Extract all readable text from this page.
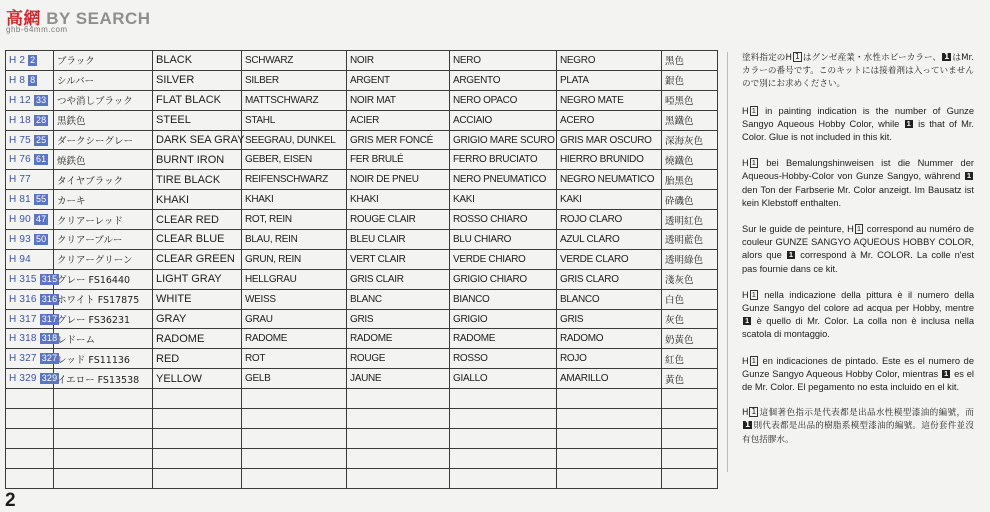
高網 BY SEARCH
ghb-64mm.com
H 2 2	ブラック	BLACK	SCHWARZ	NOIR	NERO	NEGRO	黑色
H 8 8	シルバー	SILVER	SILBER	ARGENT	ARGENTO	PLATA	銀色
H 12 33	つや消しブラック	FLAT BLACK	MATTSCHWARZ	NOIR MAT	NERO OPACO	NEGRO MATE	啞黑色
H 18 28	黒鉄色	STEEL	STAHL	ACIER	ACCIAIO	ACERO	黑鐵色
H 75 25	ダークシーグレー	DARK SEA GRAY	SEEGRAU, DUNKEL	GRIS MER FONCÉ	GRIGIO MARE SCURO	GRIS MAR OSCURO	深海灰色
H 76 61	焼鉄色	BURNT IRON	GEBER, EISEN	FER BRULÉ	FERRO BRUCIATO	HIERRO BRUNIDO	燒鐵色
H 77	タイヤブラック	TIRE BLACK	REIFENSCHWARZ	NOIR DE PNEU	NERO PNEUMATICO	NEGRO NEUMATICO	胎黑色
H 81 55	カーキ	KHAKI	KHAKI	KHAKI	KAKI	KAKI	砕磯色
H 90 47	クリアーレッド	CLEAR RED	ROT, REIN	ROUGE CLAIR	ROSSO CHIARO	ROJO CLARO	透明紅色
H 93 50	クリアーブルー	CLEAR BLUE	BLAU, REIN	BLEU CLAIR	BLU CHIARO	AZUL CLARO	透明藍色
H 94	クリアーグリーン	CLEAR GREEN	GRUN, REIN	VERT CLAIR	VERDE CHIARO	VERDE CLARO	透明綠色
H 315 315	グレー FS16440	LIGHT GRAY	HELLGRAU	GRIS CLAIR	GRIGIO CHIARO	GRIS CLARO	淺灰色
H 316 316	ホワイト FS17875	WHITE	WEISS	BLANC	BIANCO	BLANCO	白色
H 317 317	グレー FS36231	GRAY	GRAU	GRIS	GRIGIO	GRIS	灰色
H 318 318	レドーム	RADOME	RADOME	RADOME	RADOME	RADOMO	奶黃色
H 327 327	レッド FS11136	RED	ROT	ROUGE	ROSSO	ROJO	紅色
H 329 329	イエロー FS13538	YELLOW	GELB	JAUNE	GIALLO	AMARILLO	黃色

塗料指定のH 1 はグンゼ産業・水性ホビーカラー、 1 はMr.カラーの番号です。このキットには接着剤は入っていませんので別にお求めください。

H 1 in painting indication is the number of Gunze Sangyo Aqueous Hobby Color, while 1 is that of Mr. Color. Glue is not included in this kit.

H 1 bei Bemalungshinweisen ist die Nummer der Aqueous-Hobby-Color von Gunze Sangyo, während 1 den Ton der Farbserie Mr. Color anzeigt. Im Bausatz ist kein Klebstoff enthalten.

Sur le guide de peinture, H 1 correspond au numéro de couleur GUNZE SANGYO AQUEOUS HOBBY COLOR, alors que 1 correspond à Mr. COLOR. La colle n'est pas fournie dans ce kit.

H 1 nella indicazione della pittura è il numero della Gunze Sangyo del colore ad acqua per Hobby, mentre 1 è quello di Mr. Color. La colla non è inclusa nella scatola di montaggio.

H 1 en indicaciones de pintado. Este es el numero de Gunze Sangyo Aqueous Hobby Color, mientras 1 es el de Mr. Color. El pegamento no esta incluido en el kit.

H 1 這個著色指示是代表都是出品水性模型漆油的編號，而1 則代表都是出品的樹脂系模型漆油的編號。這份套件並沒有包括膠水。

2
